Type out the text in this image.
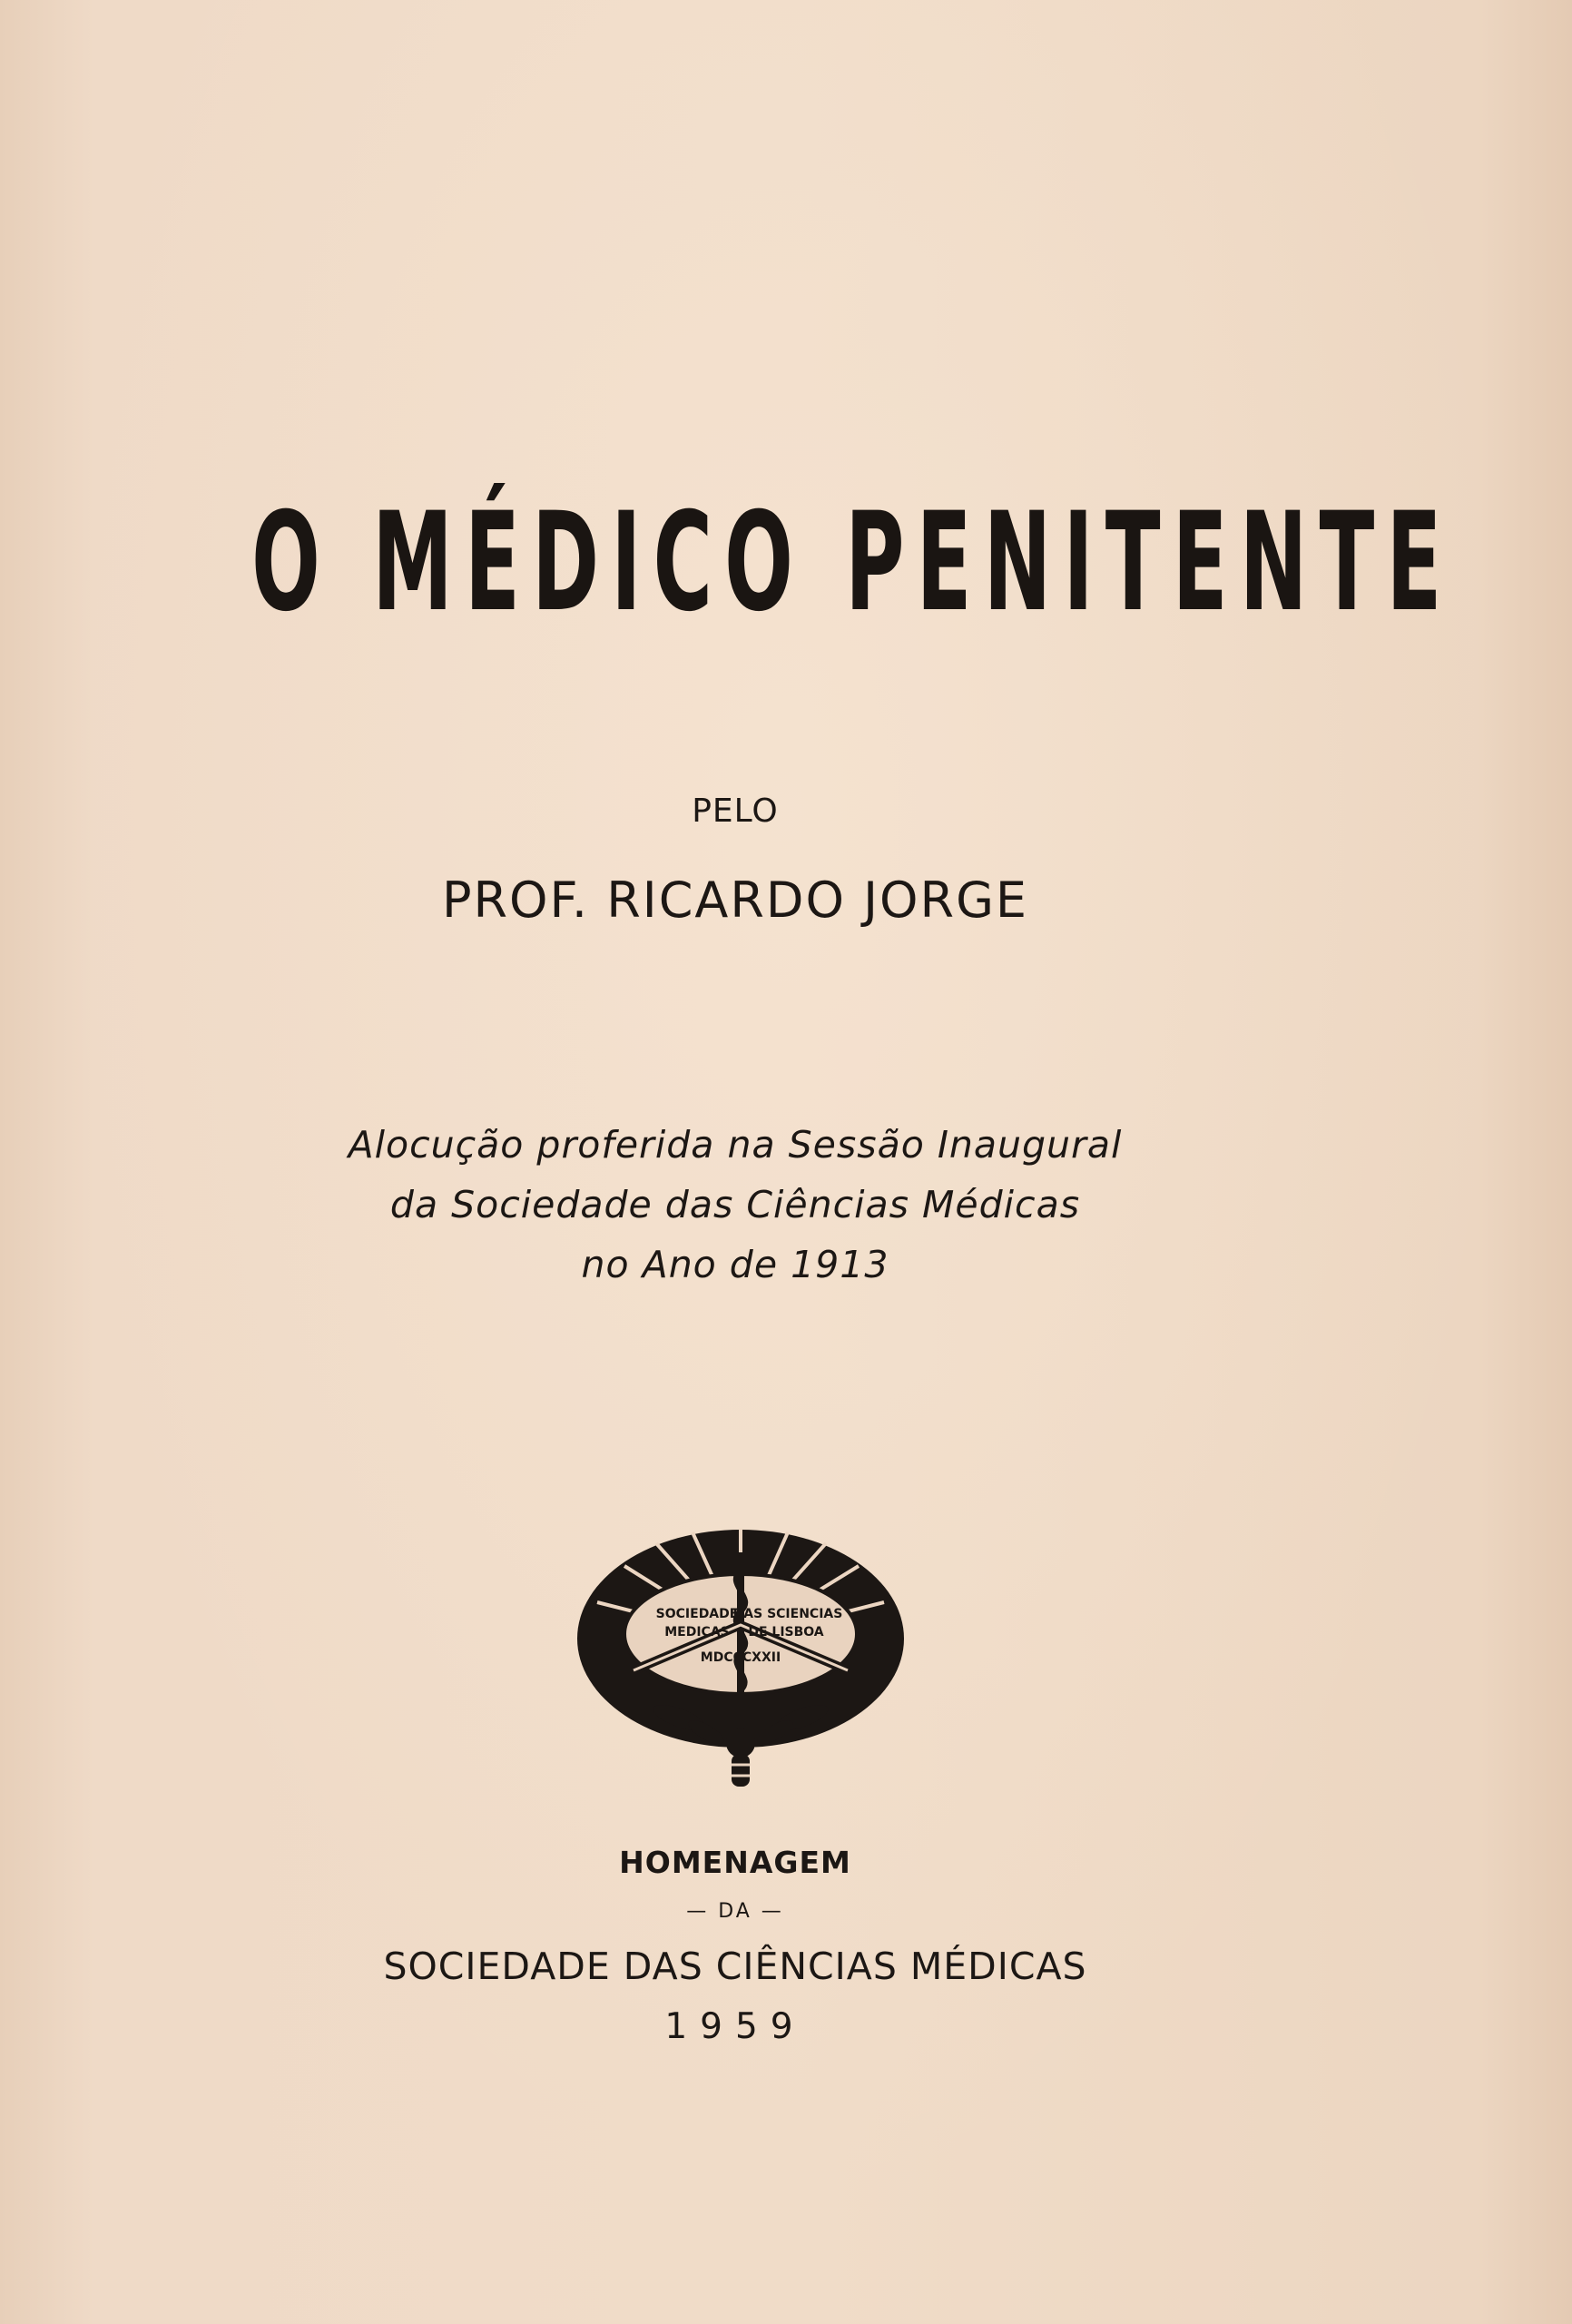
O MÉDICO PENITENTE
PELO
PROF. RICARDO JORGE
Alocução proferida na Sessão Inaugural
da Sociedade das Ciências Médicas
no Ano de 1913
SOCIEDADE
DAS SCIENCIAS
MEDICAS DE LISBOA
MDCCCXXII
HOMENAGEM
— DA —
SOCIEDADE DAS CIÊNCIAS MÉDICAS
1959
